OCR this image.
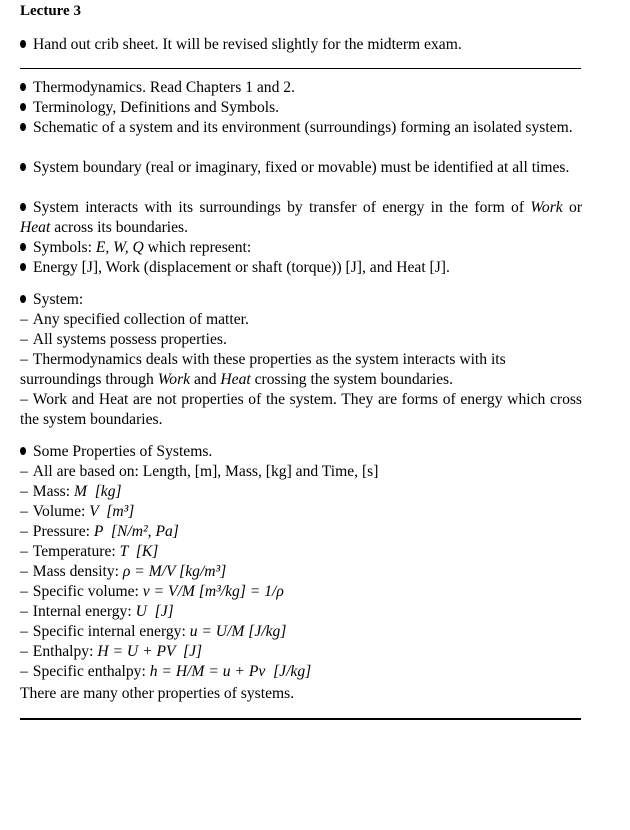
Lecture 3
Hand out crib sheet. It will be revised slightly for the midterm exam.
Thermodynamics. Read Chapters 1 and 2.
Terminology, Definitions and Symbols.
Schematic of a system and its environment (surroundings) forming an isolated system.
System boundary (real or imaginary, fixed or movable) must be identified at all times.
System interacts with its surroundings by transfer of energy in the form of Work or Heat across its boundaries.
Symbols: E, W, Q which represent:
Energy [J], Work (displacement or shaft (torque)) [J], and Heat [J].
System:
– Any specified collection of matter.
– All systems possess properties.
– Thermodynamics deals with these properties as the system interacts with its
surroundings through Work and Heat crossing the system boundaries.
– Work and Heat are not properties of the system. They are forms of energy which cross the system boundaries.
Some Properties of Systems.
– All are based on: Length, [m], Mass, [kg] and Time, [s]
– Mass: M  [kg]
– Volume: V  [m³]
– Pressure: P  [N/m², Pa]
– Temperature: T  [K]
– Mass density: ρ = M/V [kg/m³]
– Specific volume: v = V/M [m³/kg] = 1/ρ
– Internal energy: U  [J]
– Specific internal energy: u = U/M [J/kg]
– Enthalpy: H = U + PV  [J]
– Specific enthalpy: h = H/M = u + Pv  [J/kg]
There are many other properties of systems.
